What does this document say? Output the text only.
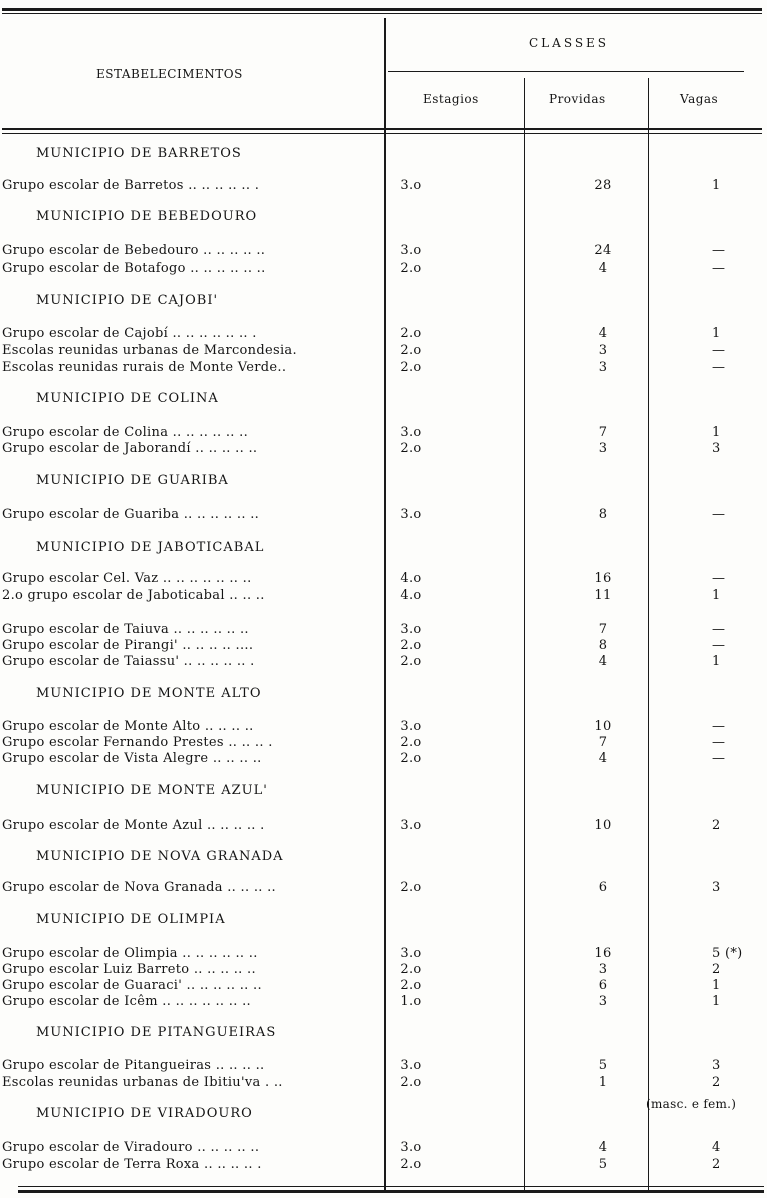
ESTABELECIMENTOS
CLASSES
Estagios	Providas	Vagas
MUNICIPIO DE BARRETOS
Grupo escolar de Barretos .. .. .. .. .. .	3.o	28	1
MUNICIPIO DE BEBEDOURO
Grupo escolar de Bebedouro .. .. .. .. ..	3.o	24	—
Grupo escolar de Botafogo .. .. .. .. .. ..	2.o	4	—
MUNICIPIO DE CAJOBI'
Grupo escolar de Cajobí .. .. .. .. .. .. .	2.o	4	1
Escolas reunidas urbanas de Marcondesia.	2.o	3	—
Escolas reunidas rurais de Monte Verde..	2.o	3	—
MUNICIPIO DE COLINA
Grupo escolar de Colina .. .. .. .. .. ..	3.o	7	1
Grupo escolar de Jaborandí .. .. .. .. ..	2.o	3	3
MUNICIPIO DE GUARIBA
Grupo escolar de Guariba .. .. .. .. .. ..	3.o	8	—
MUNICIPIO DE JABOTICABAL
Grupo escolar Cel. Vaz .. .. .. .. .. .. ..	4.o	16	—
2.o grupo escolar de Jaboticabal .. .. ..	4.o	11	1
Grupo escolar de Taiuva .. .. .. .. .. ..	3.o	7	—
Grupo escolar de Pirangi' .. .. .. .. ....	2.o	8	—
Grupo escolar de Taiassu' .. .. .. .. .. .	2.o	4	1
MUNICIPIO DE MONTE ALTO
Grupo escolar de Monte Alto .. .. .. ..	3.o	10	—
Grupo escolar Fernando Prestes .. .. .. .	2.o	7	—
Grupo escolar de Vista Alegre .. .. .. ..	2.o	4	—
MUNICIPIO DE MONTE AZUL'
Grupo escolar de Monte Azul .. .. .. .. .	3.o	10	2
MUNICIPIO DE NOVA GRANADA
Grupo escolar de Nova Granada .. .. .. ..	2.o	6	3
MUNICIPIO DE OLIMPIA
Grupo escolar de Olimpia .. .. .. .. .. ..	3.o	16	5 (*)
Grupo escolar Luiz Barreto .. .. .. .. ..	2.o	3	2
Grupo escolar de Guaraci' .. .. .. .. .. ..	2.o	6	1
Grupo escolar de Icêm .. .. .. .. .. .. ..	1.o	3	1
MUNICIPIO DE PITANGUEIRAS
Grupo escolar de Pitangueiras .. .. .. ..	3.o	5	3
Escolas reunidas urbanas de Ibitiu'va . ..	2.o	1	2
MUNICIPIO DE VIRADOURO
Grupo escolar de Viradouro .. .. .. .. ..	3.o	4	4
Grupo escolar de Terra Roxa .. .. .. .. .	2.o	5	2
(masc. e fem.)
